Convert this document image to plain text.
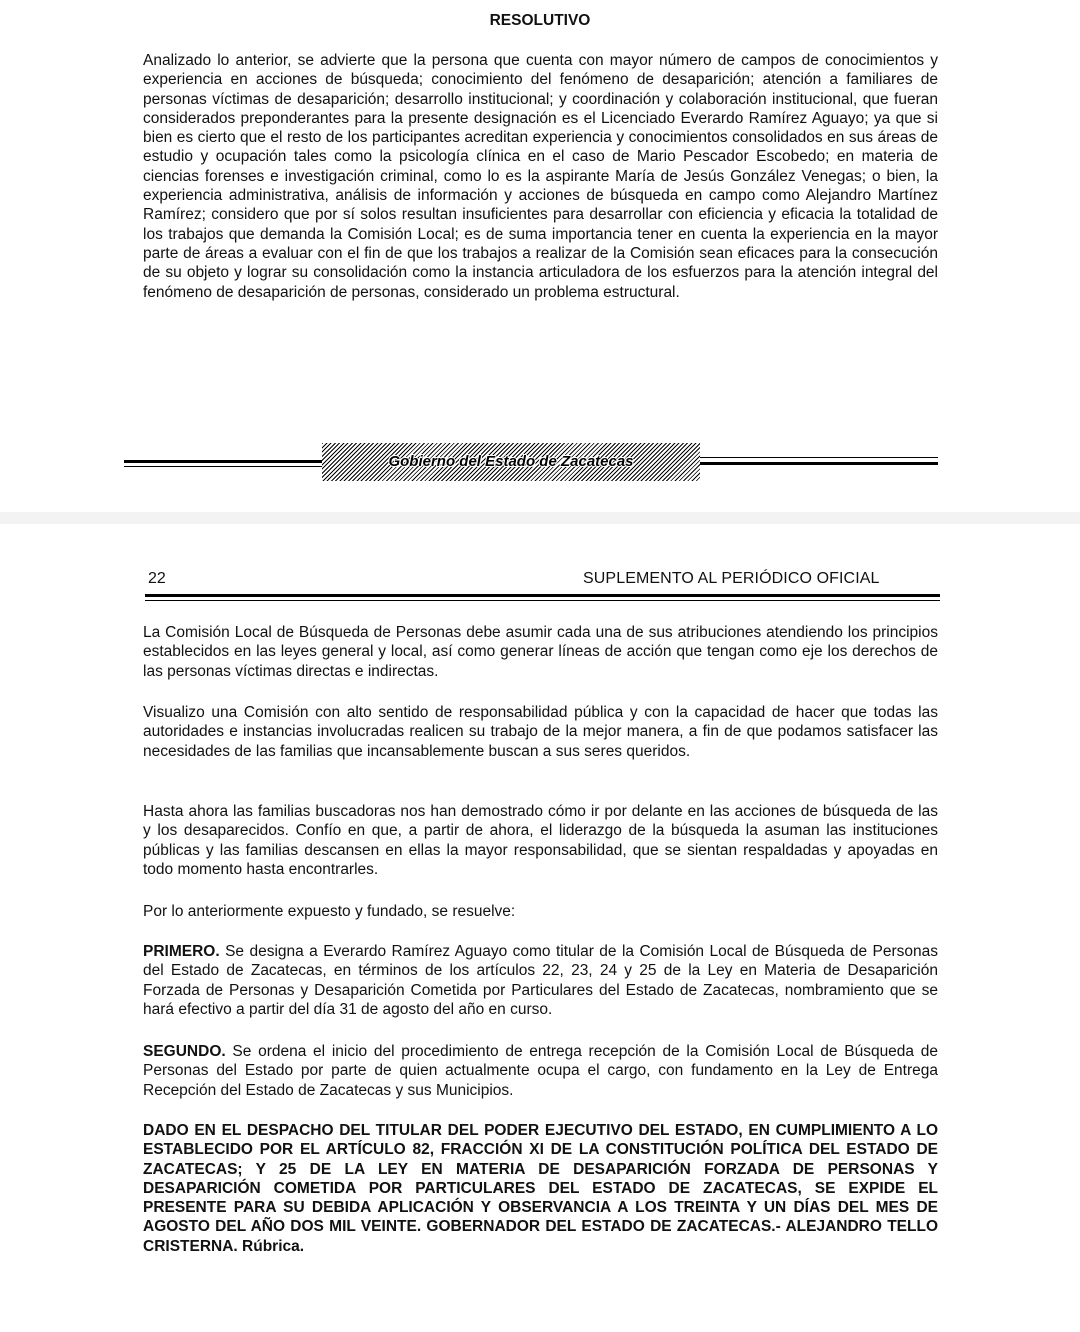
RESOLUTIVO

Analizado lo anterior, se advierte que la persona que cuenta con mayor número de campos de conocimientos y experiencia en acciones de búsqueda; conocimiento del fenómeno de desaparición; atención a familiares de personas víctimas de desaparición; desarrollo institucional; y coordinación y colaboración institucional, que fueran considerados preponderantes para la presente designación es el Licenciado Everardo Ramírez Aguayo; ya que si bien es cierto que el resto de los participantes acreditan experiencia y conocimientos consolidados en sus áreas de estudio y ocupación tales como la psicología clínica en el caso de Mario Pescador Escobedo; en materia de ciencias forenses e investigación criminal, como lo es la aspirante María de Jesús González Venegas; o bien, la experiencia administrativa, análisis de información y acciones de búsqueda en campo como Alejandro Martínez Ramírez; considero que por sí solos resultan insuficientes para desarrollar con eficiencia y eficacia la totalidad de los trabajos que demanda la Comisión Local; es de suma importancia tener en cuenta la experiencia en la mayor parte de áreas a evaluar con el fin de que los trabajos a realizar de la Comisión sean eficaces para la consecución de su objeto y lograr su consolidación como la instancia articuladora de los esfuerzos para la atención integral del fenómeno de desaparición de personas, considerado un problema estructural.

Gobierno del Estado de Zacatecas
22	SUPLEMENTO AL PERIÓDICO OFICIAL

La Comisión Local de Búsqueda de Personas debe asumir cada una de sus atribuciones atendiendo los principios establecidos en las leyes general y local, así como generar líneas de acción que tengan como eje los derechos de las personas víctimas directas e indirectas.

Visualizo una Comisión con alto sentido de responsabilidad pública y con la capacidad de hacer que todas las autoridades e instancias involucradas realicen su trabajo de la mejor manera, a fin de que podamos satisfacer las necesidades de las familias que incansablemente buscan a sus seres queridos.

Hasta ahora las familias buscadoras nos han demostrado cómo ir por delante en las acciones de búsqueda de las y los desaparecidos. Confío en que, a partir de ahora, el liderazgo de la búsqueda la asuman las instituciones públicas y las familias descansen en ellas la mayor responsabilidad, que se sientan respaldadas y apoyadas en todo momento hasta encontrarles.

Por lo anteriormente expuesto y fundado, se resuelve:

PRIMERO. Se designa a Everardo Ramírez Aguayo como titular de la Comisión Local de Búsqueda de Personas del Estado de Zacatecas, en términos de los artículos 22, 23, 24 y 25 de la Ley en Materia de Desaparición Forzada de Personas y Desaparición Cometida por Particulares del Estado de Zacatecas, nombramiento que se hará efectivo a partir del día 31 de agosto del año en curso.

SEGUNDO. Se ordena el inicio del procedimiento de entrega recepción de la Comisión Local de Búsqueda de Personas del Estado por parte de quien actualmente ocupa el cargo, con fundamento en la Ley de Entrega Recepción del Estado de Zacatecas y sus Municipios.

DADO EN EL DESPACHO DEL TITULAR DEL PODER EJECUTIVO DEL ESTADO, EN CUMPLIMIENTO A LO ESTABLECIDO POR EL ARTÍCULO 82, FRACCIÓN XI DE LA CONSTITUCIÓN POLÍTICA DEL ESTADO DE ZACATECAS; Y 25 DE LA LEY EN MATERIA DE DESAPARICIÓN FORZADA DE PERSONAS Y DESAPARICIÓN COMETIDA POR PARTICULARES DEL ESTADO DE ZACATECAS, SE EXPIDE EL PRESENTE PARA SU DEBIDA APLICACIÓN Y OBSERVANCIA A LOS TREINTA Y UN DÍAS DEL MES DE AGOSTO DEL AÑO DOS MIL VEINTE. GOBERNADOR DEL ESTADO DE ZACATECAS.- ALEJANDRO TELLO CRISTERNA. Rúbrica.
